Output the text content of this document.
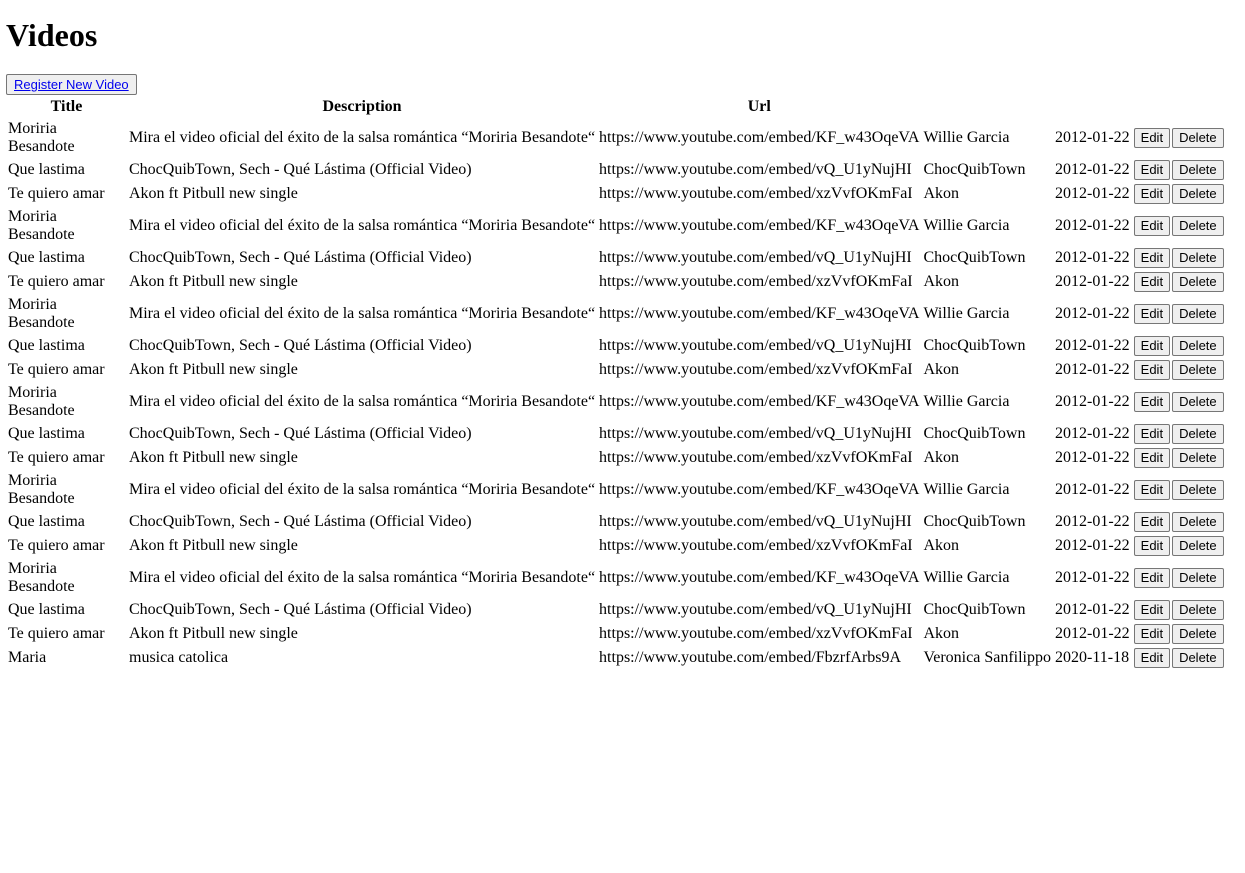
Videos
Register New Video
Title	Description	Url			
Moriria Besandote	Mira el video oficial del éxito de la salsa romántica “Moriria Besandote“	https://www.youtube.com/embed/KF_w43OqeVA	Willie Garcia	2012-01-22	Edit Delete
Que lastima	ChocQuibTown, Sech - Qué Lástima (Official Video)	https://www.youtube.com/embed/vQ_U1yNujHI	ChocQuibTown	2012-01-22	Edit Delete
Te quiero amar	Akon ft Pitbull new single	https://www.youtube.com/embed/xzVvfOKmFaI	Akon	2012-01-22	Edit Delete
Moriria Besandote	Mira el video oficial del éxito de la salsa romántica “Moriria Besandote“	https://www.youtube.com/embed/KF_w43OqeVA	Willie Garcia	2012-01-22	Edit Delete
Que lastima	ChocQuibTown, Sech - Qué Lástima (Official Video)	https://www.youtube.com/embed/vQ_U1yNujHI	ChocQuibTown	2012-01-22	Edit Delete
Te quiero amar	Akon ft Pitbull new single	https://www.youtube.com/embed/xzVvfOKmFaI	Akon	2012-01-22	Edit Delete
Moriria Besandote	Mira el video oficial del éxito de la salsa romántica “Moriria Besandote“	https://www.youtube.com/embed/KF_w43OqeVA	Willie Garcia	2012-01-22	Edit Delete
Que lastima	ChocQuibTown, Sech - Qué Lástima (Official Video)	https://www.youtube.com/embed/vQ_U1yNujHI	ChocQuibTown	2012-01-22	Edit Delete
Te quiero amar	Akon ft Pitbull new single	https://www.youtube.com/embed/xzVvfOKmFaI	Akon	2012-01-22	Edit Delete
Moriria Besandote	Mira el video oficial del éxito de la salsa romántica “Moriria Besandote“	https://www.youtube.com/embed/KF_w43OqeVA	Willie Garcia	2012-01-22	Edit Delete
Que lastima	ChocQuibTown, Sech - Qué Lástima (Official Video)	https://www.youtube.com/embed/vQ_U1yNujHI	ChocQuibTown	2012-01-22	Edit Delete
Te quiero amar	Akon ft Pitbull new single	https://www.youtube.com/embed/xzVvfOKmFaI	Akon	2012-01-22	Edit Delete
Moriria Besandote	Mira el video oficial del éxito de la salsa romántica “Moriria Besandote“	https://www.youtube.com/embed/KF_w43OqeVA	Willie Garcia	2012-01-22	Edit Delete
Que lastima	ChocQuibTown, Sech - Qué Lástima (Official Video)	https://www.youtube.com/embed/vQ_U1yNujHI	ChocQuibTown	2012-01-22	Edit Delete
Te quiero amar	Akon ft Pitbull new single	https://www.youtube.com/embed/xzVvfOKmFaI	Akon	2012-01-22	Edit Delete
Moriria Besandote	Mira el video oficial del éxito de la salsa romántica “Moriria Besandote“	https://www.youtube.com/embed/KF_w43OqeVA	Willie Garcia	2012-01-22	Edit Delete
Que lastima	ChocQuibTown, Sech - Qué Lástima (Official Video)	https://www.youtube.com/embed/vQ_U1yNujHI	ChocQuibTown	2012-01-22	Edit Delete
Te quiero amar	Akon ft Pitbull new single	https://www.youtube.com/embed/xzVvfOKmFaI	Akon	2012-01-22	Edit Delete
Maria	musica catolica	https://www.youtube.com/embed/FbzrfArbs9A	Veronica Sanfilippo	2020-11-18	Edit Delete
